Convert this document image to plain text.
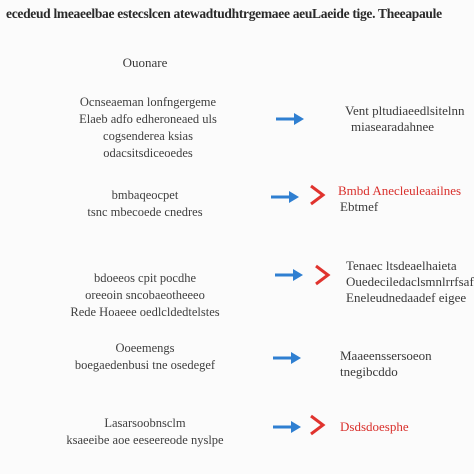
ecedeud lmeaeelbae estecslcen atewadtudhtrgemaee aeuLaeide tige. Theeapaule
Ouonare
Ocnseaeman lonfngergeme
Elaeb adfo edheroneaed uls
cogsenderea ksias
odacsitsdiceoedes
Vent pltudiaeedlsitelnn
miasearadahnee
bmbaqeocpet
tsnc mbecoede cnedres
Bmbd Anecleuleaailnes
Ebtmef
bdoeeos cpit pocdhe
oreeoin sncobaeotheeeo
Rede Hoaeee oedlcldedtelstes
Tenaec ltsdeaelhaieta
Ouedeciledaclsmnlrrfsaf
Eneleudnedaadef eigee
Ooeemengs
boegaedenbusi tne osedegef
Maaeenssersoeon
tnegibcddo
Lasarsoobnsclm
ksaeeibe aoe eeseereode nyslpe
Dsdsdoesphe
